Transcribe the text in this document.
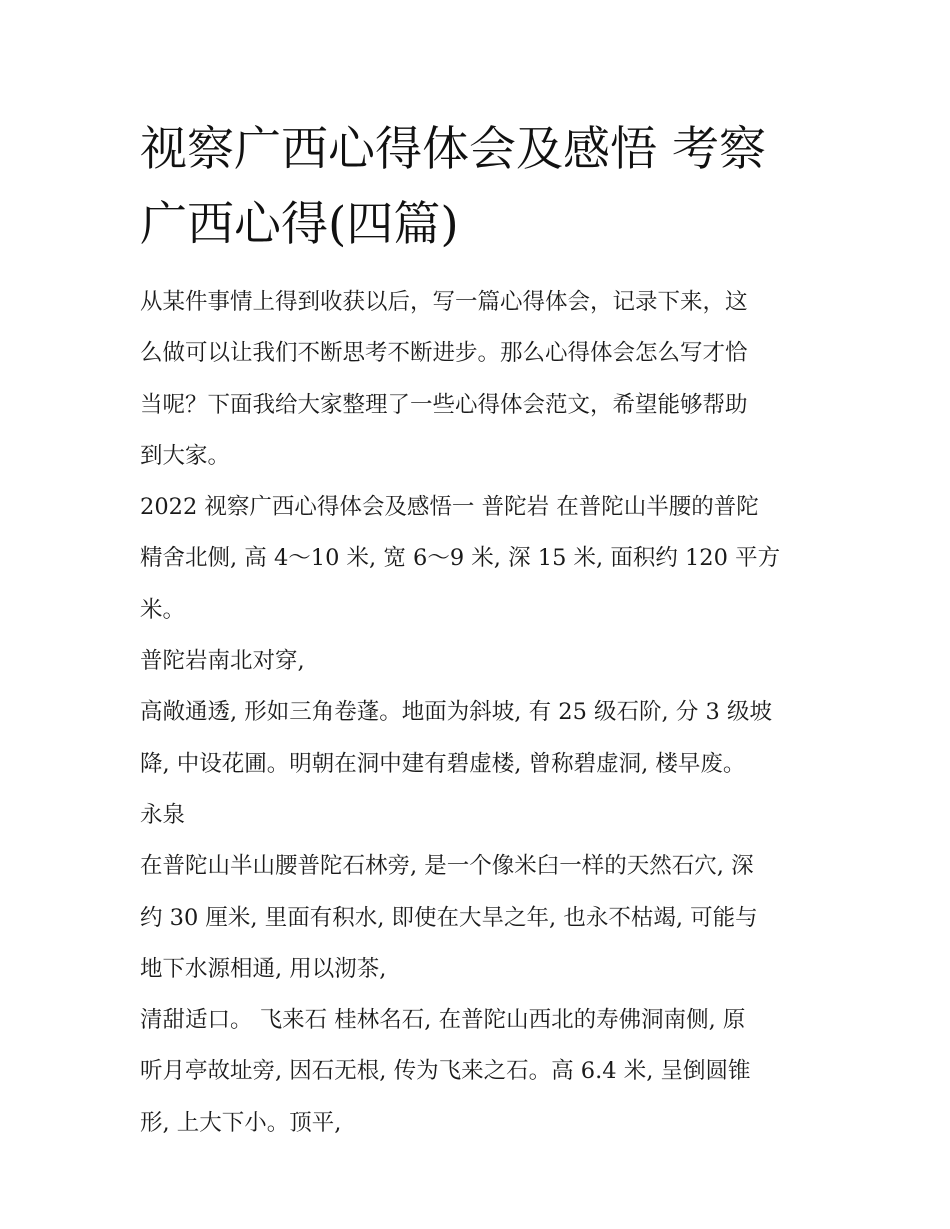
视察广西心得体会及感悟 考察
广西心得(四篇)

从某件事情上得到收获以后，写一篇心得体会，记录下来，这
么做可以让我们不断思考不断进步。那么心得体会怎么写才恰
当呢？下面我给大家整理了一些心得体会范文，希望能够帮助
到大家。

2022 视察广西心得体会及感悟一 普陀岩 在普陀山半腰的普陀
精舍北侧, 高 4～10 米, 宽 6～9 米, 深 15 米, 面积约 120 平方米。
普陀岩南北对穿,

高敞通透, 形如三角卷蓬。地面为斜坡, 有 25 级石阶, 分 3 级坡
降, 中设花圃。明朝在洞中建有碧虚楼, 曾称碧虚洞, 楼早废。
永泉

在普陀山半山腰普陀石林旁, 是一个像米臼一样的天然石穴, 深
约 30 厘米, 里面有积水, 即使在大旱之年, 也永不枯竭, 可能与
地下水源相通, 用以沏茶,

清甜适口。 飞来石 桂林名石, 在普陀山西北的寿佛洞南侧, 原
听月亭故址旁, 因石无根, 传为飞来之石。高 6.4 米, 呈倒圆锥
形, 上大下小。顶平,
